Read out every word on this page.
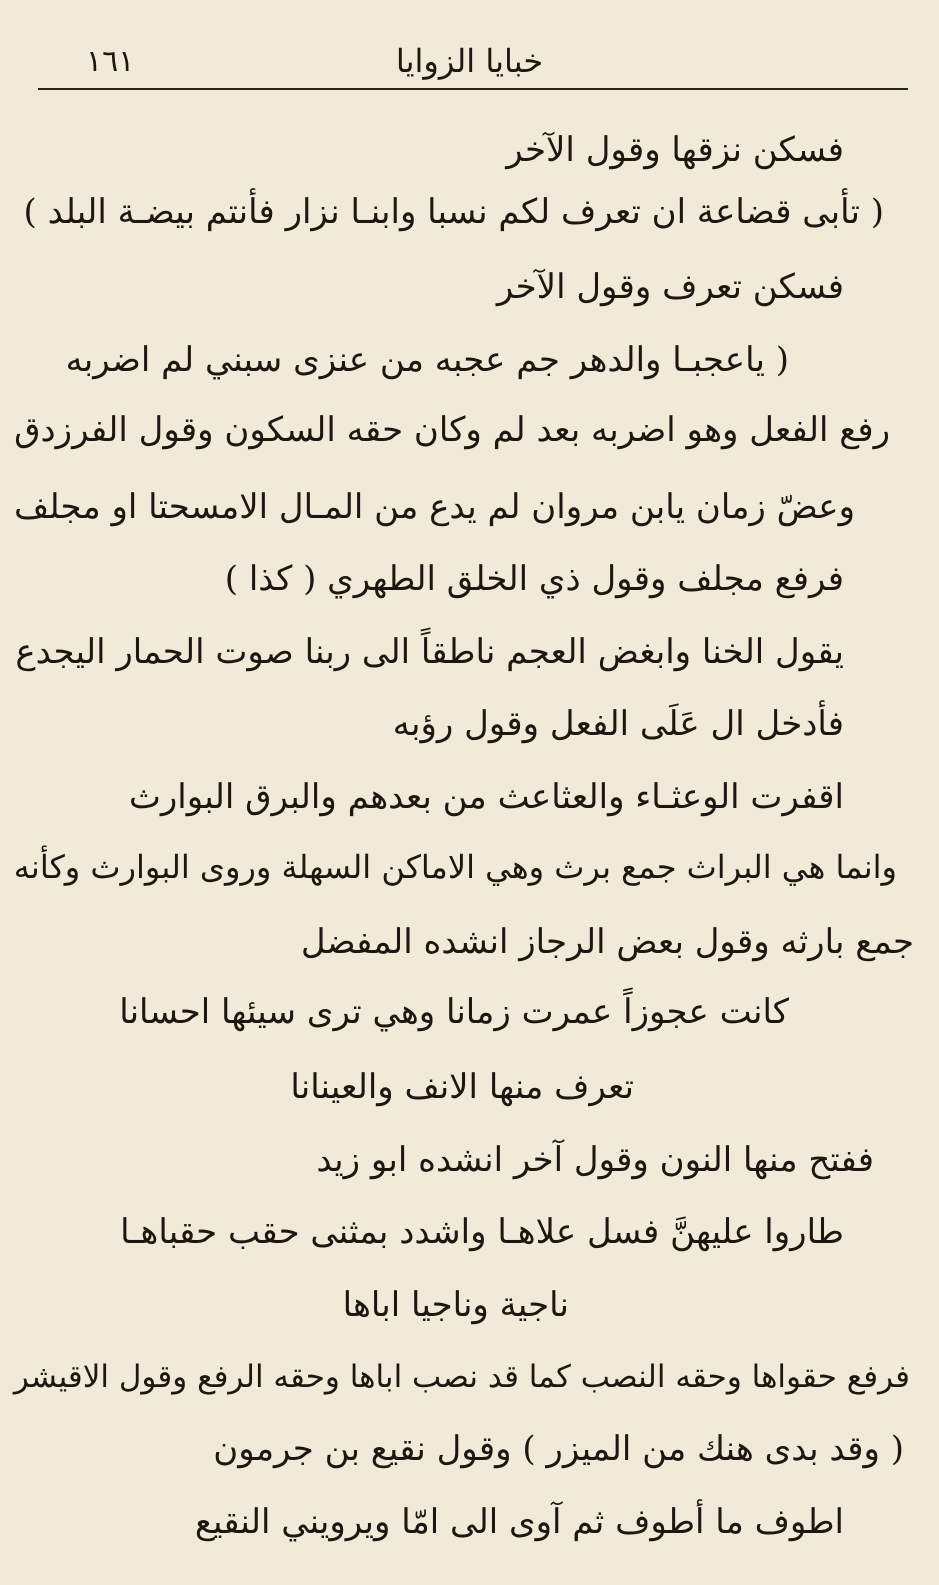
١٦١	خبايا الزوايا
فسكن نزقها وقول الآخر
( تأبى قضاعة ان تعرف لكم نسبا وابنـا نزار فأنتم بيضـة البلد )
فسكن تعرف وقول الآخر
( ياعجبـا والدهر جم عجبه من عنزى سبني لم اضربه
رفع الفعل وهو اضربه بعد لم وكان حقه السكون وقول الفرزدق
وعضّ زمان يابن مروان لم يدع من المـال الامسحتا او مجلف
فرفع مجلف وقول ذي الخلق الطهري ( كذا )
يقول الخنا وابغض العجم ناطقاً الى ربنا صوت الحمار اليجدع
فأدخل ال عَلَى الفعل وقول رؤبه
اقفرت الوعثـاء والعثاعث من بعدهم والبرق البوارث
وانما هي البراث جمع برث وهي الاماكن السهلة وروى البوارث وكأنه
جمع بارثه وقول بعض الرجاز انشده المفضل
كانت عجوزاً عمرت زمانا وهي ترى سيئها احسانا
تعرف منها الانف والعينانا
ففتح منها النون وقول آخر انشده ابو زيد
طاروا عليهنَّ فسل علاهـا واشدد بمثنى حقب حقباهـا
ناجية وناجيا اباها
فرفع حقواها وحقه النصب كما قد نصب اباها وحقه الرفع وقول الاقيشر
( وقد بدى هنك من الميزر ) وقول نقيع بن جرمون
اطوف ما أطوف ثم آوى الى امّا ويرويني النقيع
